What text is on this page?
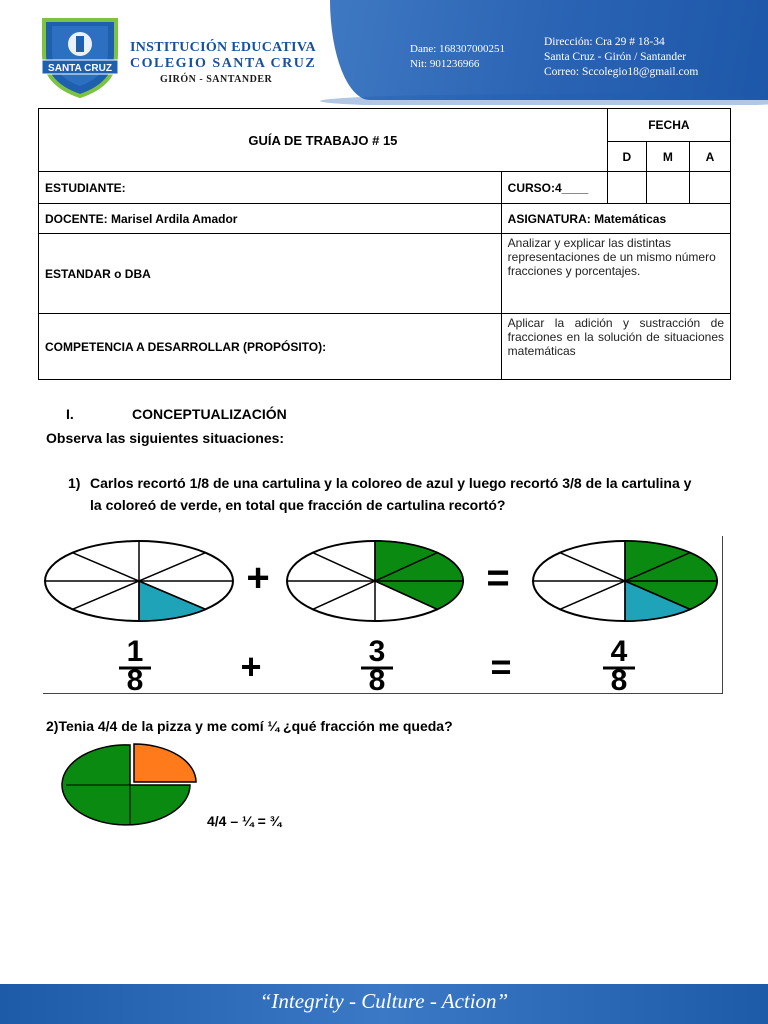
SANTA CRUZ
INSTITUCIÓN EDUCATIVA
COLEGIO SANTA CRUZ
GIRÓN - SANTANDER
Dane: 168307000251
Nit: 901236966
Dirección: Cra 29 # 18-34
Santa Cruz - Girón / Santander
Correo: Sccolegio18@gmail.com
GUÍA DE TRABAJO # 15		FECHA		
		D	M	A
ESTUDIANTE:	CURSO:4____			
DOCENTE: Marisel Ardila Amador	ASIGNATURA: Matemáticas			
ESTANDAR o DBA	Analizar y explicar las distintas representaciones de un mismo número fracciones y porcentajes.			
COMPETENCIA A DESARROLLAR (PROPÓSITO):	Aplicar la adición y sustracción de fracciones en la solución de situaciones matemáticas			
I.	CONCEPTUALIZACIÓN
Observa las siguientes situaciones:
1) Carlos recortó 1/8 de una cartulina y la coloreo de azul y luego recortó 3/8 de la cartulina y la coloreó de verde, en total que fracción de cartulina recortó?
+	=
1
8	+	3
8	=	4
8
2)Tenia 4/4 de la pizza y me comí ¼ ¿qué fracción me queda?
4/4 – ¼ = ¾
“Integrity - Culture - Action”
